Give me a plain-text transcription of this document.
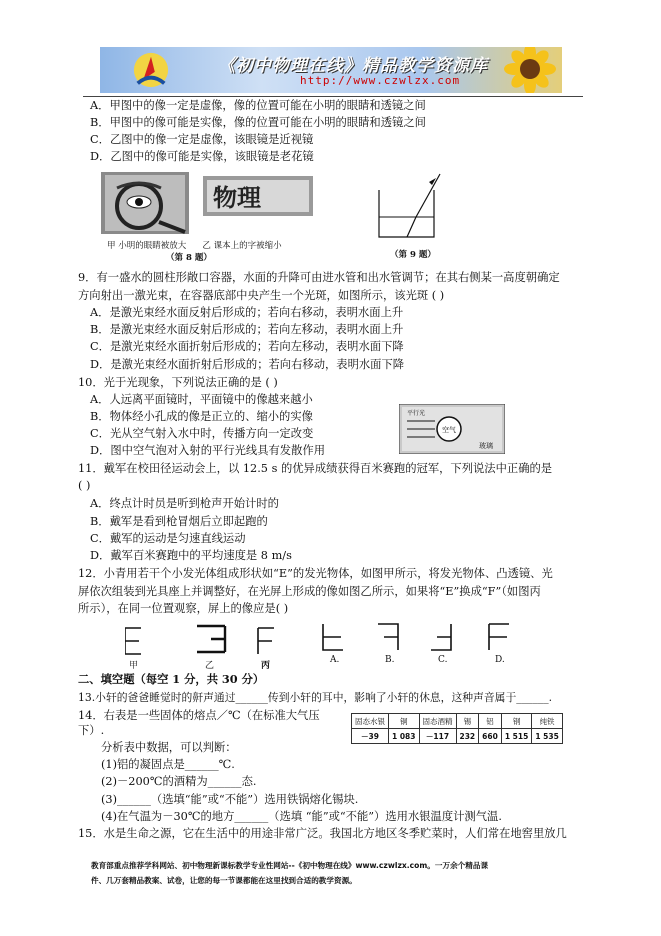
《初中物理在线》精品教学资源库
http://www.czwlzx.com
A．甲图中的像一定是虚像，像的位置可能在小明的眼睛和透镜之间
B．甲图中的像可能是实像，像的位置可能在小明的眼睛和透镜之间
C．乙图中的像一定是虚像，该眼镜是近视镜
D．乙图中的像可能是实像，该眼镜是老花镜
物理
甲 小明的眼睛被放大 乙 课本上的字被缩小
（第 8 题）	（第 9 题）
9．有一盛水的圆柱形敞口容器，水面的升降可由进水管和出水管调节；在其右侧某一高度朝确定
方向射出一激光束，在容器底部中央产生一个光斑，如图所示，该光斑 ( )
A．是激光束经水面反射后形成的；若向右移动，表明水面上升
B．是激光束经水面反射后形成的；若向左移动，表明水面上升
C．是激光束经水面折射后形成的；若向左移动，表明水面下降
D．是激光束经水面折射后形成的；若向右移动，表明水面下降
10．光于光现象，下列说法正确的是 ( )
A．人远离平面镜时，平面镜中的像越来越小
B．物体经小孔成的像是正立的、缩小的实像
C．光从空气射入水中时，传播方向一定改变
D．图中空气泡对入射的平行光线具有发散作用
空气
平行光
玻璃
11．戴军在校田径运动会上，以 12.5 s 的优异成绩获得百米赛跑的冠军，下列说法中正确的是
( )
A．终点计时员是听到枪声开始计时的
B．戴军是看到枪冒烟后立即起跑的
C．戴军的运动是匀速直线运动
D．戴军百米赛跑中的平均速度是 8 m/s
12．小青用若干个小发光体组成形状如“E”的发光物体，如图甲所示，将发光物体、凸透镜、光
屏依次组装到光具座上并调整好，在光屏上形成的像如图乙所示，如果将“E”换成“F”（如图丙
所示），在同一位置观察，屏上的像应是( )
甲	乙	丙
A.	B.	C.	D.
二、填空题（每空 1 分，共 30 分）
13.小轩的爸爸睡觉时的鼾声通过______传到小轩的耳中，影响了小轩的休息，这种声音属于______.
14．右表是一些固体的熔点／℃（在标准大气压
下）.
分析表中数据，可以判断：
(1)铝的凝固点是______℃.
(2)－200℃的酒精为______态.
(3)______（选填“能”或“不能”）选用铁锅熔化锡块.
(4)在气温为－30℃的地方______（选填 “能”或“不能”）选用水银温度计测气温.
固态水银	铜	固态酒精	锡	铝	钢	纯铁
－39	1 083	－117	232	660	1 515	1 535
15．水是生命之源，它在生活中的用途非常广泛。我国北方地区冬季贮菜时，人们常在地窖里放几
教育部重点推荐学科网站、初中物理新课标教学专业性网站--《初中物理在线》www.czwlzx.com。一万余个精品课
件、几万套精品教案、试卷，让您的每一节课都能在这里找到合适的教学资源。
